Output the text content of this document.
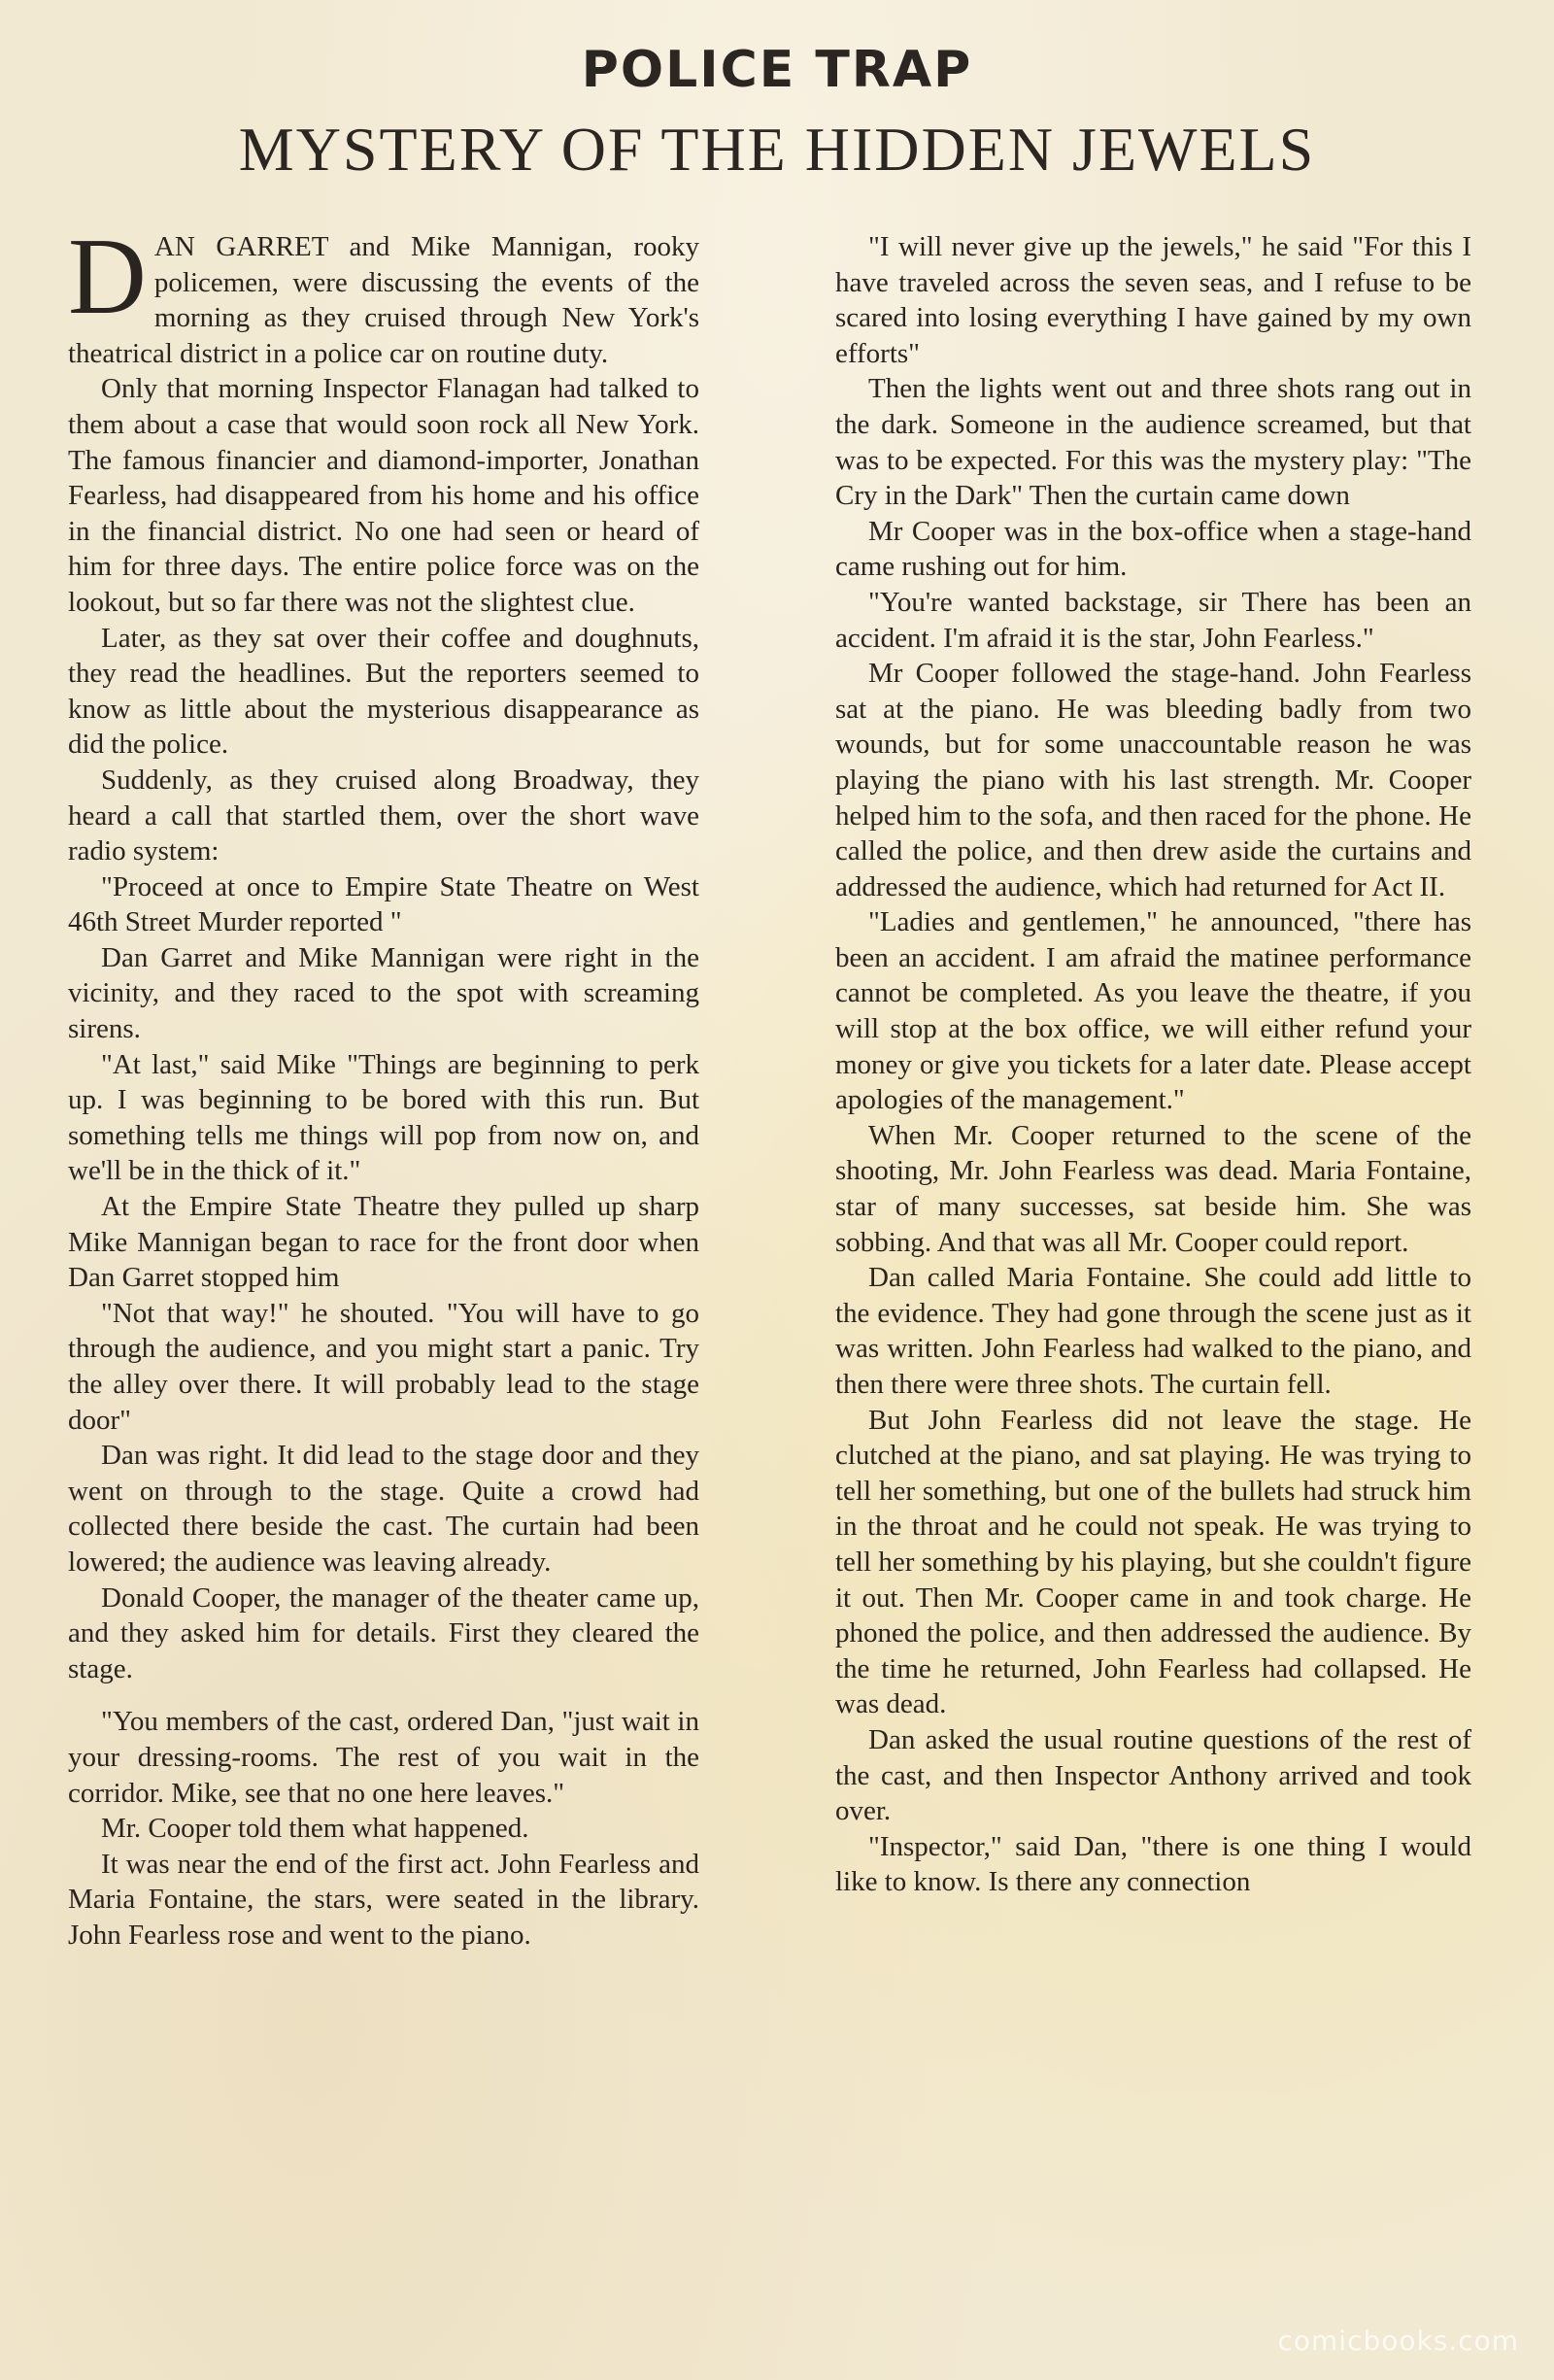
POLICE TRAP
MYSTERY OF THE HIDDEN JEWELS

DAN GARRET and Mike Mannigan, rooky policemen, were discussing the events of the morning as they cruised through New York's theatrical district in a police car on routine duty.

Only that morning Inspector Flanagan had talked to them about a case that would soon rock all New York. The famous financier and diamond-importer, Jonathan Fearless, had disappeared from his home and his office in the financial district. No one had seen or heard of him for three days. The entire police force was on the lookout, but so far there was not the slightest clue.

Later, as they sat over their coffee and doughnuts, they read the headlines. But the reporters seemed to know as little about the mysterious disappearance as did the police.

Suddenly, as they cruised along Broadway, they heard a call that startled them, over the short wave radio system:

"Proceed at once to Empire State Theatre on West 46th Street Murder reported "

Dan Garret and Mike Mannigan were right in the vicinity, and they raced to the spot with screaming sirens.

"At last," said Mike "Things are beginning to perk up. I was beginning to be bored with this run. But something tells me things will pop from now on, and we'll be in the thick of it."

At the Empire State Theatre they pulled up sharp Mike Mannigan began to race for the front door when Dan Garret stopped him

"Not that way!" he shouted. "You will have to go through the audience, and you might start a panic. Try the alley over there. It will probably lead to the stage door"

Dan was right. It did lead to the stage door and they went on through to the stage. Quite a crowd had collected there beside the cast. The curtain had been lowered; the audience was leaving already.

Donald Cooper, the manager of the theater came up, and they asked him for details. First they cleared the stage.

"You members of the cast, ordered Dan, "just wait in your dressing-rooms. The rest of you wait in the corridor. Mike, see that no one here leaves."

Mr. Cooper told them what happened.

It was near the end of the first act. John Fearless and Maria Fontaine, the stars, were seated in the library. John Fearless rose and went to the piano.

"I will never give up the jewels," he said "For this I have traveled across the seven seas, and I refuse to be scared into losing everything I have gained by my own efforts"

Then the lights went out and three shots rang out in the dark. Someone in the audience screamed, but that was to be expected. For this was the mystery play: "The Cry in the Dark" Then the curtain came down

Mr Cooper was in the box-office when a stage-hand came rushing out for him.

"You're wanted backstage, sir There has been an accident. I'm afraid it is the star, John Fearless."

Mr Cooper followed the stage-hand. John Fearless sat at the piano. He was bleeding badly from two wounds, but for some unaccountable reason he was playing the piano with his last strength. Mr. Cooper helped him to the sofa, and then raced for the phone. He called the police, and then drew aside the curtains and addressed the audience, which had returned for Act II.

"Ladies and gentlemen," he announced, "there has been an accident. I am afraid the matinee performance cannot be completed. As you leave the theatre, if you will stop at the box office, we will either refund your money or give you tickets for a later date. Please accept apologies of the management."

When Mr. Cooper returned to the scene of the shooting, Mr. John Fearless was dead. Maria Fontaine, star of many successes, sat beside him. She was sobbing. And that was all Mr. Cooper could report.

Dan called Maria Fontaine. She could add little to the evidence. They had gone through the scene just as it was written. John Fearless had walked to the piano, and then there were three shots. The curtain fell.

But John Fearless did not leave the stage. He clutched at the piano, and sat playing. He was trying to tell her something, but one of the bullets had struck him in the throat and he could not speak. He was trying to tell her something by his playing, but she couldn't figure it out. Then Mr. Cooper came in and took charge. He phoned the police, and then addressed the audience. By the time he returned, John Fearless had collapsed. He was dead.

Dan asked the usual routine questions of the rest of the cast, and then Inspector Anthony arrived and took over.

"Inspector," said Dan, "there is one thing I would like to know. Is there any connection

comicbooks.com
